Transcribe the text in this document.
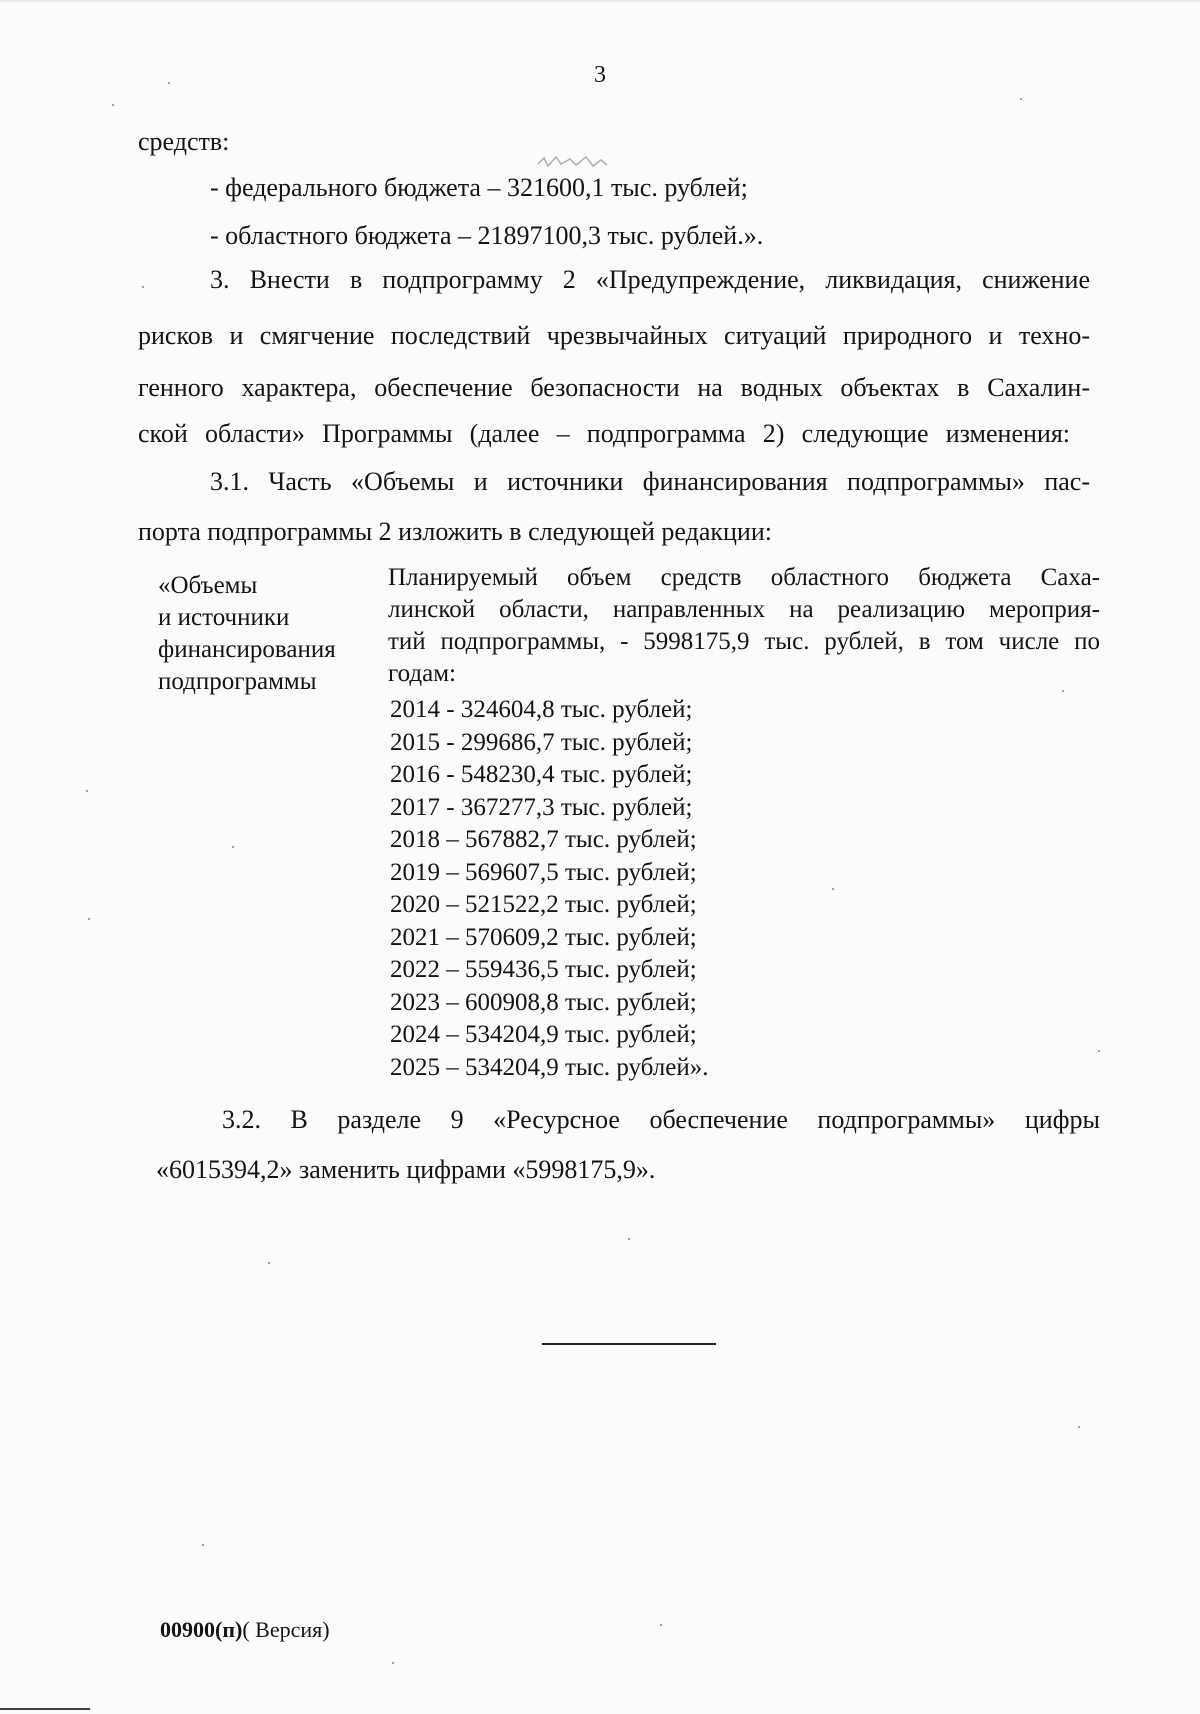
3
средств:
- федерального бюджета – 321600,1 тыс. рублей;
- областного бюджета – 21897100,3 тыс. рублей.».
3. Внести в подпрограмму 2 «Предупреждение, ликвидация, снижение
рисков и смягчение последствий чрезвычайных ситуаций природного и техно-
генного характера, обеспечение безопасности на водных объектах в Сахалин-
ской области» Программы (далее – подпрограмма 2) следующие изменения:
3.1. Часть «Объемы и источники финансирования подпрограммы» пас-
порта подпрограммы 2 изложить в следующей редакции:
«Объемы
и источники
финансирования
подпрограммы
Планируемый объем средств областного бюджета Саха-
линской области, направленных на реализацию мероприя-
тий подпрограммы, - 5998175,9 тыс. рублей, в том числе по
годам:
2014 - 324604,8 тыс. рублей;
2015 - 299686,7 тыс. рублей;
2016 - 548230,4 тыс. рублей;
2017 - 367277,3 тыс. рублей;
2018 – 567882,7 тыс. рублей;
2019 – 569607,5 тыс. рублей;
2020 – 521522,2 тыс. рублей;
2021 – 570609,2 тыс. рублей;
2022 – 559436,5 тыс. рублей;
2023 – 600908,8 тыс. рублей;
2024 – 534204,9 тыс. рублей;
2025 – 534204,9 тыс. рублей».
3.2. В разделе 9 «Ресурсное обеспечение подпрограммы» цифры
«6015394,2» заменить цифрами «5998175,9».
00900(п)( Версия)
